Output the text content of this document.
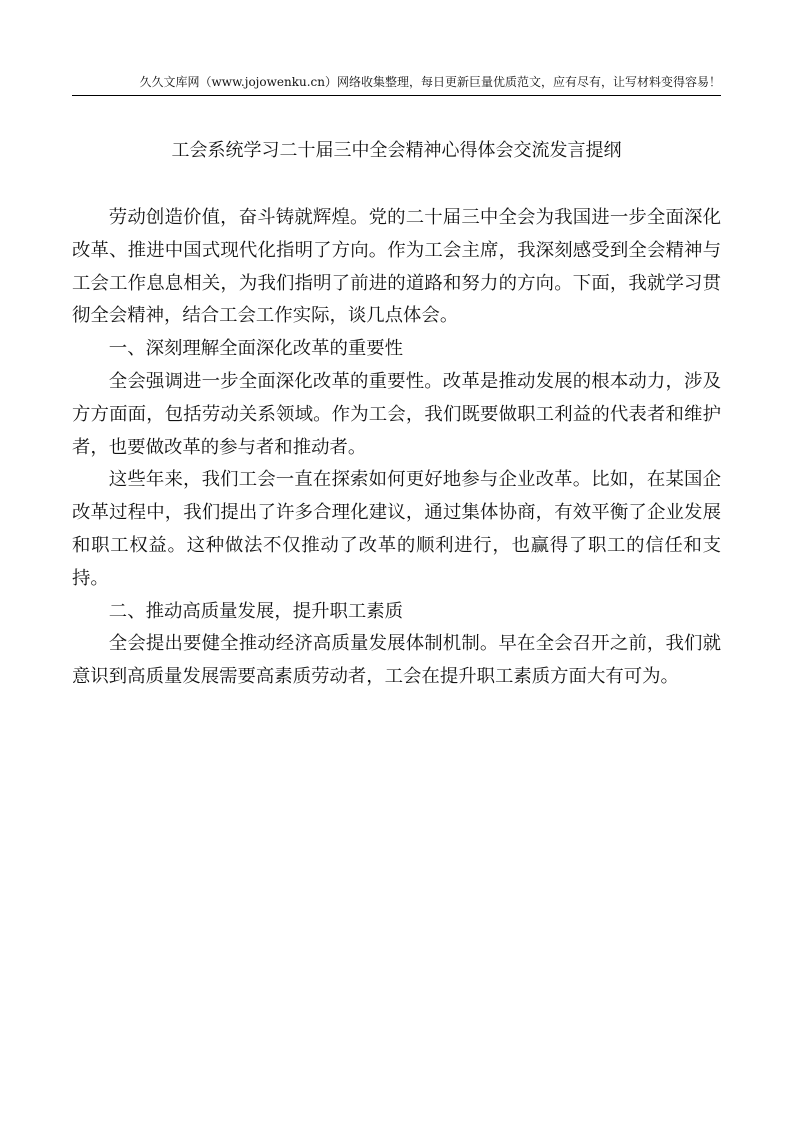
久久文库网（www.jojowenku.cn）网络收集整理，每日更新巨量优质范文，应有尽有，让写材料变得容易！
工会系统学习二十届三中全会精神心得体会交流发言提纲

劳动创造价值，奋斗铸就辉煌。党的二十届三中全会为我国进一步全面深化改革、推进中国式现代化指明了方向。作为工会主席，我深刻感受到全会精神与工会工作息息相关，为我们指明了前进的道路和努力的方向。下面，我就学习贯彻全会精神，结合工会工作实际，谈几点体会。

一、深刻理解全面深化改革的重要性

全会强调进一步全面深化改革的重要性。改革是推动发展的根本动力，涉及方方面面，包括劳动关系领域。作为工会，我们既要做职工利益的代表者和维护者，也要做改革的参与者和推动者。

这些年来，我们工会一直在探索如何更好地参与企业改革。比如，在某国企改革过程中，我们提出了许多合理化建议，通过集体协商，有效平衡了企业发展和职工权益。这种做法不仅推动了改革的顺利进行，也赢得了职工的信任和支持。

二、推动高质量发展，提升职工素质

全会提出要健全推动经济高质量发展体制机制。早在全会召开之前，我们就意识到高质量发展需要高素质劳动者，工会在提升职工素质方面大有可为。
